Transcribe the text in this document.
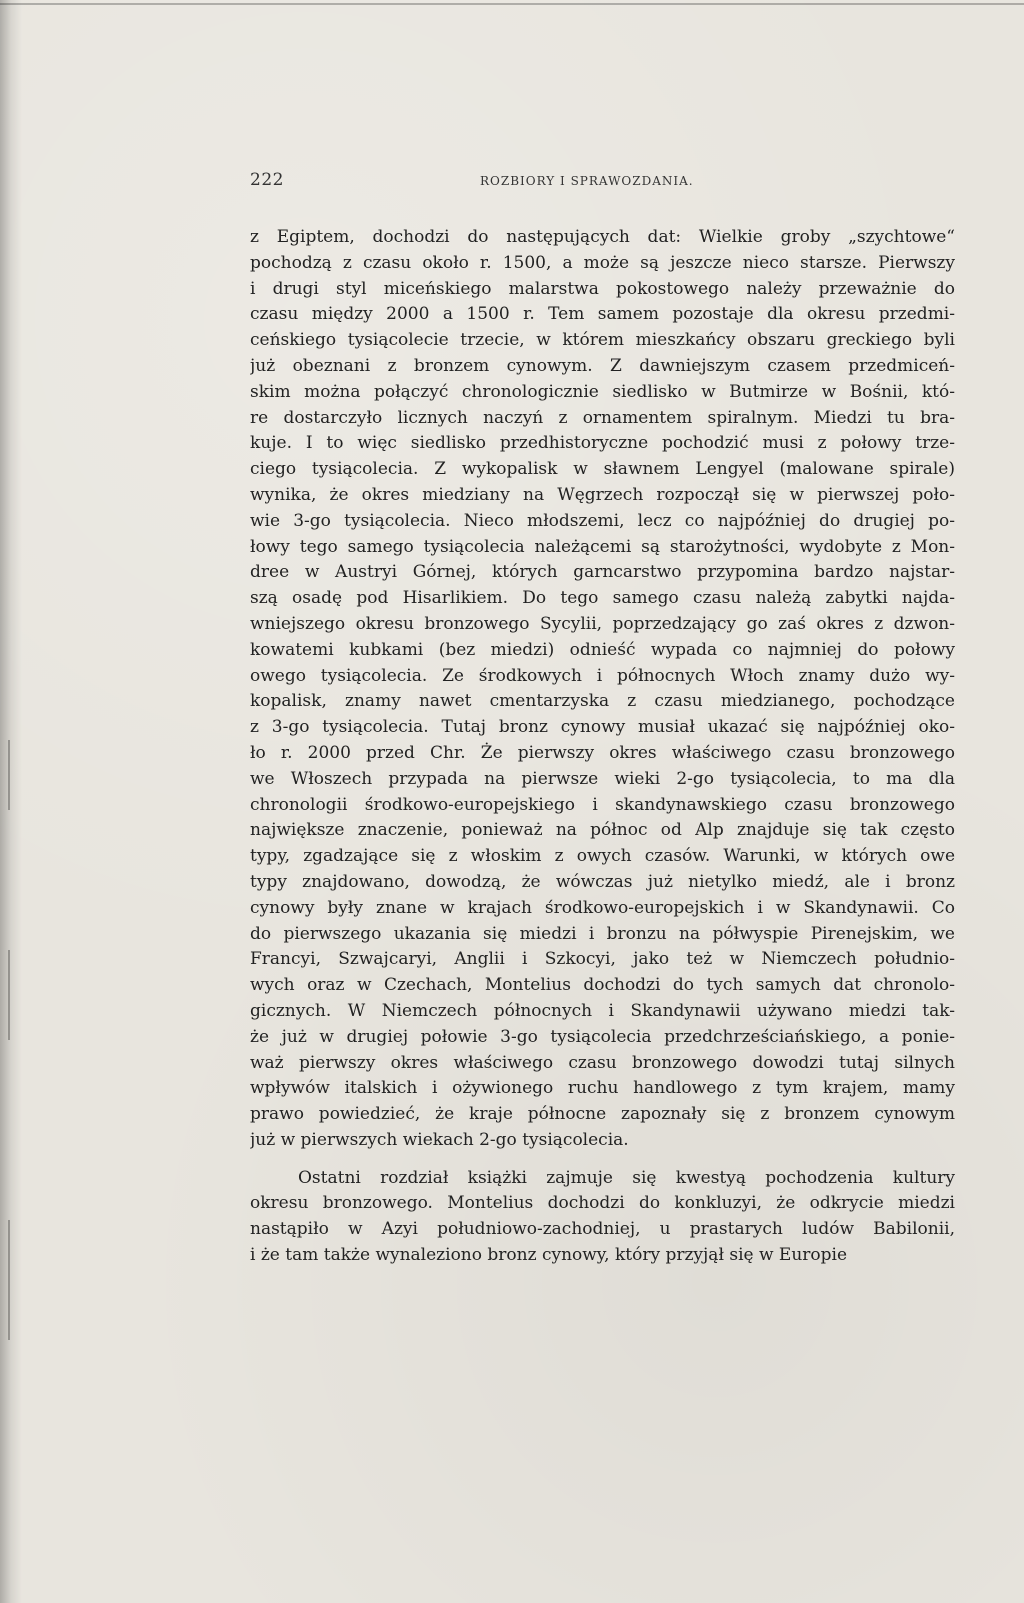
222	ROZBIORY I SPRAWOZDANIA.
z Egiptem, dochodzi do następujących dat: Wielkie groby „szychtowe“
pochodzą z czasu około r. 1500, a może są jeszcze nieco starsze. Pierwszy
i drugi styl miceńskiego malarstwa pokostowego należy przeważnie do
czasu między 2000 a 1500 r. Tem samem pozostaje dla okresu przedmi-
ceńskiego tysiącolecie trzecie, w którem mieszkańcy obszaru greckiego byli
już obeznani z bronzem cynowym. Z dawniejszym czasem przedmiceń-
skim można połączyć chronologicznie siedlisko w Butmirze w Bośnii, któ-
re dostarczyło licznych naczyń z ornamentem spiralnym. Miedzi tu bra-
kuje. I to więc siedlisko przedhistoryczne pochodzić musi z połowy trze-
ciego tysiącolecia. Z wykopalisk w sławnem Lengyel (malowane spirale)
wynika, że okres miedziany na Węgrzech rozpoczął się w pierwszej poło-
wie 3-go tysiącolecia. Nieco młodszemi, lecz co najpóźniej do drugiej po-
łowy tego samego tysiącolecia należącemi są starożytności, wydobyte z Mon-
dree w Austryi Górnej, których garncarstwo przypomina bardzo najstar-
szą osadę pod Hisarlikiem. Do tego samego czasu należą zabytki najda-
wniejszego okresu bronzowego Sycylii, poprzedzający go zaś okres z dzwon-
kowatemi kubkami (bez miedzi) odnieść wypada co najmniej do połowy
owego tysiącolecia. Ze środkowych i północnych Włoch znamy dużo wy-
kopalisk, znamy nawet cmentarzyska z czasu miedzianego, pochodzące
z 3-go tysiącolecia. Tutaj bronz cynowy musiał ukazać się najpóźniej oko-
ło r. 2000 przed Chr. Że pierwszy okres właściwego czasu bronzowego
we Włoszech przypada na pierwsze wieki 2-go tysiącolecia, to ma dla
chronologii środkowo-europejskiego i skandynawskiego czasu bronzowego
największe znaczenie, ponieważ na północ od Alp znajduje się tak często
typy, zgadzające się z włoskim z owych czasów. Warunki, w których owe
typy znajdowano, dowodzą, że wówczas już nietylko miedź, ale i bronz
cynowy były znane w krajach środkowo-europejskich i w Skandynawii. Co
do pierwszego ukazania się miedzi i bronzu na półwyspie Pirenejskim, we
Francyi, Szwajcaryi, Anglii i Szkocyi, jako też w Niemczech południo-
wych oraz w Czechach, Montelius dochodzi do tych samych dat chronolo-
gicznych. W Niemczech północnych i Skandynawii używano miedzi tak-
że już w drugiej połowie 3-go tysiącolecia przedchrześciańskiego, a ponie-
waż pierwszy okres właściwego czasu bronzowego dowodzi tutaj silnych
wpływów italskich i ożywionego ruchu handlowego z tym krajem, mamy
prawo powiedzieć, że kraje północne zapoznały się z bronzem cynowym
już w pierwszych wiekach 2-go tysiącolecia.
Ostatni rozdział książki zajmuje się kwestyą pochodzenia kultury
okresu bronzowego. Montelius dochodzi do konkluzyi, że odkrycie miedzi
nastąpiło w Azyi południowo-zachodniej, u prastarych ludów Babilonii,
i że tam także wynaleziono bronz cynowy, który przyjął się w Europie
